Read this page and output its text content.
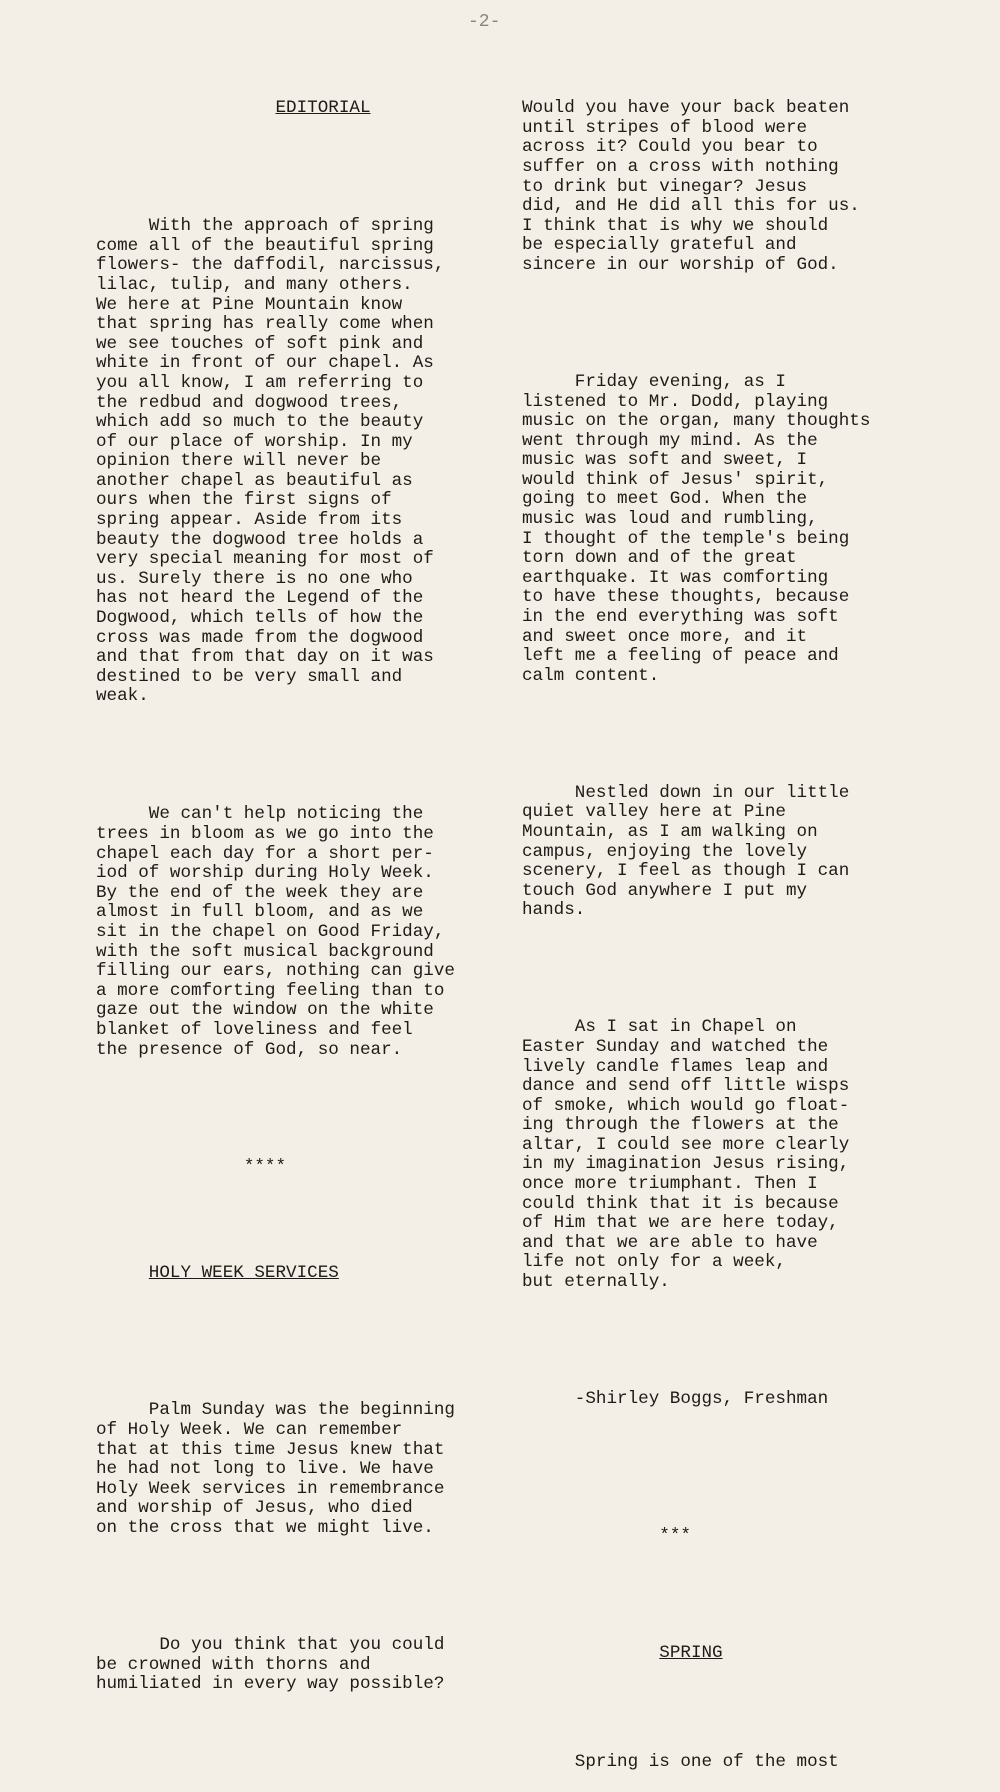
-2-

EDITORIAL

With the approach of spring
come all of the beautiful spring
flowers- the daffodil, narcissus,
lilac, tulip, and many others.
We here at Pine Mountain know
that spring has really come when
we see touches of soft pink and
white in front of our chapel. As
you all know, I am referring to
the redbud and dogwood trees,
which add so much to the beauty
of our place of worship. In my
opinion there will never be
another chapel as beautiful as
ours when the first signs of
spring appear. Aside from its
beauty the dogwood tree holds a
very special meaning for most of
us. Surely there is no one who
has not heard the Legend of the
Dogwood, which tells of how the
cross was made from the dogwood
and that from that day on it was
destined to be very small and
weak.

We can't help noticing the
trees in bloom as we go into the
chapel each day for a short per-
iod of worship during Holy Week.
By the end of the week they are
almost in full bloom, and as we
sit in the chapel on Good Friday,
with the soft musical background
filling our ears, nothing can give
a more comforting feeling than to
gaze out the window on the white
blanket of loveliness and feel
the presence of God, so near.

****

HOLY WEEK SERVICES

Palm Sunday was the beginning
of Holy Week. We can remember
that at this time Jesus knew that
he had not long to live. We have
Holy Week services in remembrance
and worship of Jesus, who died
on the cross that we might live.

Do you think that you could
be crowned with thorns and
humiliated in every way possible?

Would you have your back beaten
until stripes of blood were
across it? Could you bear to
suffer on a cross with nothing
to drink but vinegar? Jesus
did, and He did all this for us.
I think that is why we should
be especially grateful and
sincere in our worship of God.

Friday evening, as I
listened to Mr. Dodd, playing
music on the organ, many thoughts
went through my mind. As the
music was soft and sweet, I
would think of Jesus' spirit,
going to meet God. When the
music was loud and rumbling,
I thought of the temple's being
torn down and of the great
earthquake. It was comforting
to have these thoughts, because
in the end everything was soft
and sweet once more, and it
left me a feeling of peace and
calm content.

Nestled down in our little
quiet valley here at Pine
Mountain, as I am walking on
campus, enjoying the lovely
scenery, I feel as though I can
touch God anywhere I put my
hands.

As I sat in Chapel on
Easter Sunday and watched the
lively candle flames leap and
dance and send off little wisps
of smoke, which would go float-
ing through the flowers at the
altar, I could see more clearly
in my imagination Jesus rising,
once more triumphant. Then I
could think that it is because
of Him that we are here today,
and that we are able to have
life not only for a week,
but eternally.

-Shirley Boggs, Freshman

***

SPRING

Spring is one of the most
